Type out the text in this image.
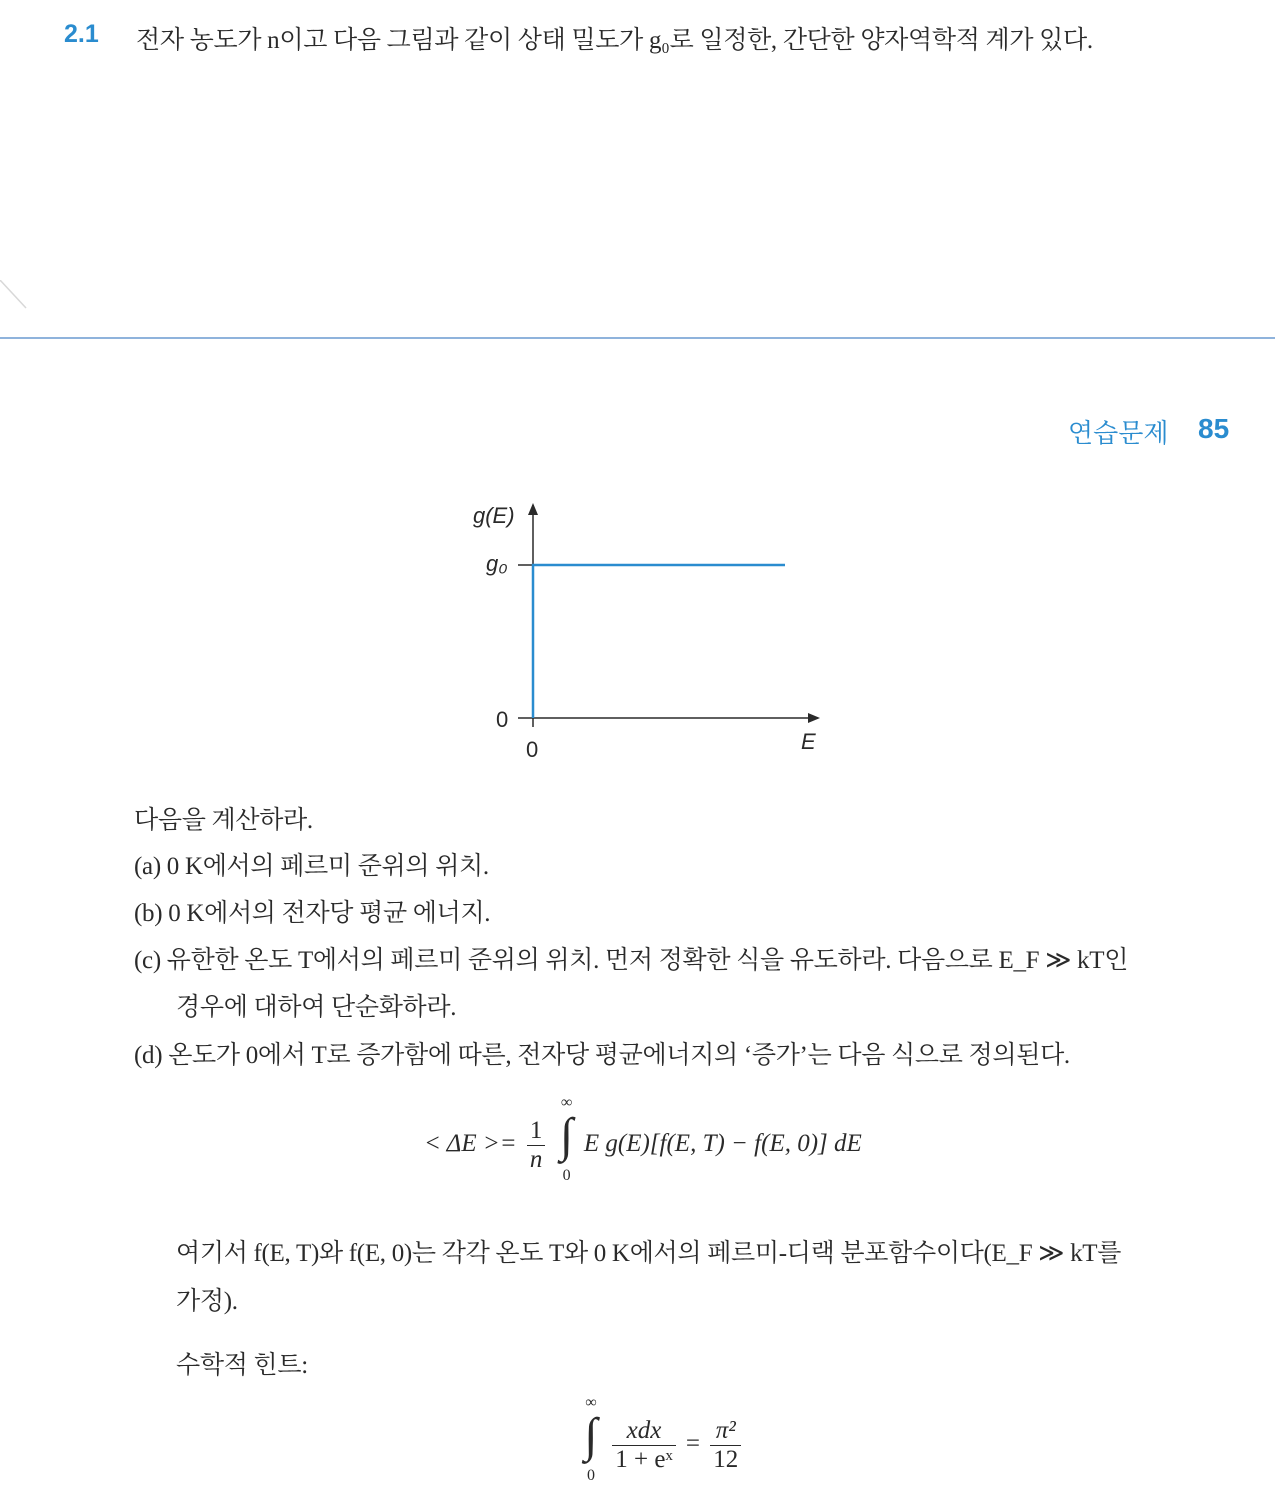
2.1 전자 농도가 n이고 다음 그림과 같이 상태 밀도가 g₀로 일정한, 간단한 양자역학적 계가 있다.
연습문제 85
g(E)
g₀
0
0	E
다음을 계산하라.
(a) 0 K에서의 페르미 준위의 위치.
(b) 0 K에서의 전자당 평균 에너지.
(c) 유한한 온도 T에서의 페르미 준위의 위치. 먼저 정확한 식을 유도하라. 다음으로 E_F ≫ kT인
경우에 대하여 단순화하라.
(d) 온도가 0에서 T로 증가함에 따른, 전자당 평균에너지의 ‘증가’는 다음 식으로 정의된다.
< $\Delta E >= \frac{1}{n}$ ∫
∞
0
E g(E)[f(E, T) − f(E, 0)] dE
여기서 f(E, T)와 f(E, 0)는 각각 온도 T와 0 K에서의 페르미-디랙 분포함수이다(E_F ≫ kT를
가정).
수학적 힌트:
∫
∞
0

$\frac{\text{xdx}}{\text{1 + eˣ}} = \frac{\text{π²}}{12}$
